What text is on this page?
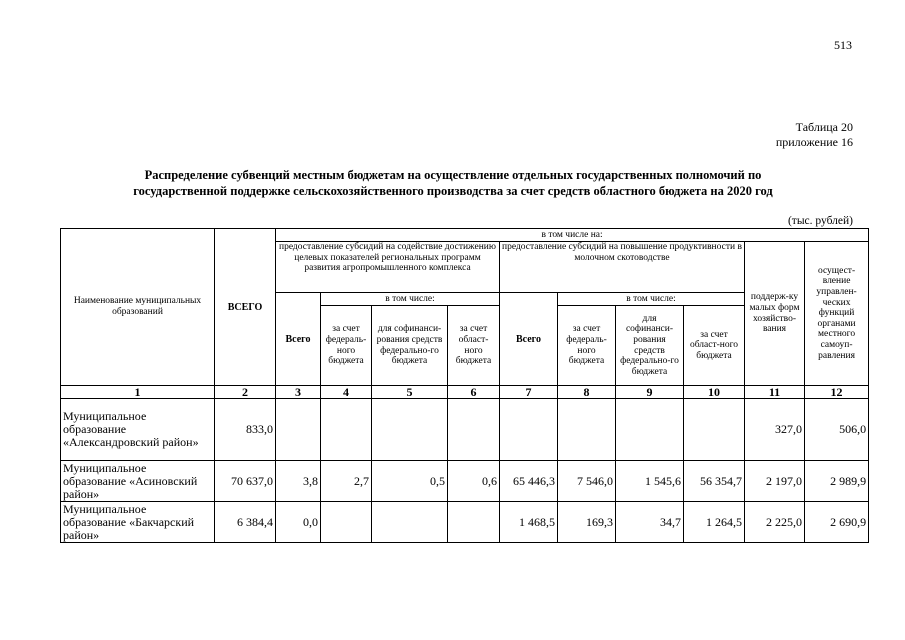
513
Таблица 20
приложение 16
Распределение субвенций местным бюджетам на осуществление отдельных государственных полномочий по
государственной поддержке сельскохозяйственного производства за счет средств областного бюджета на 2020 год
(тыс. рублей)
Наименование муниципальных образований	ВСЕГО	в том числе на:									
		предоставление субсидий на содействие достижению целевых показателей региональных программ развития агропромышленного комплекса				предоставление субсидий на повышение продуктивности в молочном скотоводстве				поддерж-ку малых форм хозяйство-вания	осущест-вление управлен-ческих функций органами местного самоуп-равления
		Всего	в том числе:			Всего	в том числе:				
			за счет федераль-ного бюджета	для софинанси-рования средств федерально-го бюджета	за счет област-ного бюджета		за счет федераль-ного бюджета	для софинанси-рования средств федерально-го бюджета	за счет област-ного бюджета		
1	2	3	4	5	6	7	8	9	10	11	12
Муниципальное образование «Александровский район»	833,0									327,0	506,0
Муниципальное образование «Асиновский район»	70 637,0	3,8	2,7	0,5	0,6	65 446,3	7 546,0	1 545,6	56 354,7	2 197,0	2 989,9
Муниципальное образование «Бакчарский район»	6 384,4	0,0				1 468,5	169,3	34,7	1 264,5	2 225,0	2 690,9
